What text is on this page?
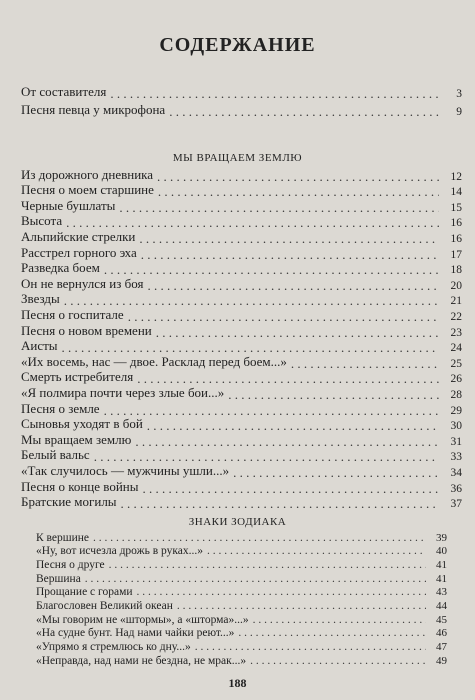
СОДЕРЖАНИЕ
От составителя . . .	3
Песня певца у микрофона . . .	9
МЫ ВРАЩАЕМ ЗЕМЛЮ
Из дорожного дневника . . .	12
Песня о моем старшине . . .	14
Черные бушлаты . . .	15
Высота . . .	16
Альпийские стрелки . . .	16
Расстрел горного эха . . .	17
Разведка боем . . .	18
Он не вернулся из боя . . .	20
Звезды . . .	21
Песня о госпитале . . .	22
Песня о новом времени . . .	23
Аисты . . .	24
«Их восемь, нас — двое. Расклад перед боем...» . . .	25
Смерть истребителя . . .	26
«Я полмира почти через злые бои...» . . .	28
Песня о земле . . .	29
Сыновья уходят в бой . . .	30
Мы вращаем землю . . .	31
Белый вальс . . .	33
«Так случилось — мужчины ушли...» . . .	34
Песня о конце войны . . .	36
Братские могилы . . .	37
ЗНАКИ ЗОДИАКА
К вершине . . .	39
«Ну, вот исчезла дрожь в руках...» . . .	40
Песня о друге . . .	41
Вершина . . .	41
Прощание с горами . . .	43
Благословен Великий океан . . .	44
«Мы говорим не «штормы», а «шторма»...» . . .	45
«На судне бунт. Над нами чайки реют...» . . .	46
«Упрямо я стремлюсь ко дну...» . . .	47
«Неправда, над нами не бездна, не мрак...» . . .	49
188
